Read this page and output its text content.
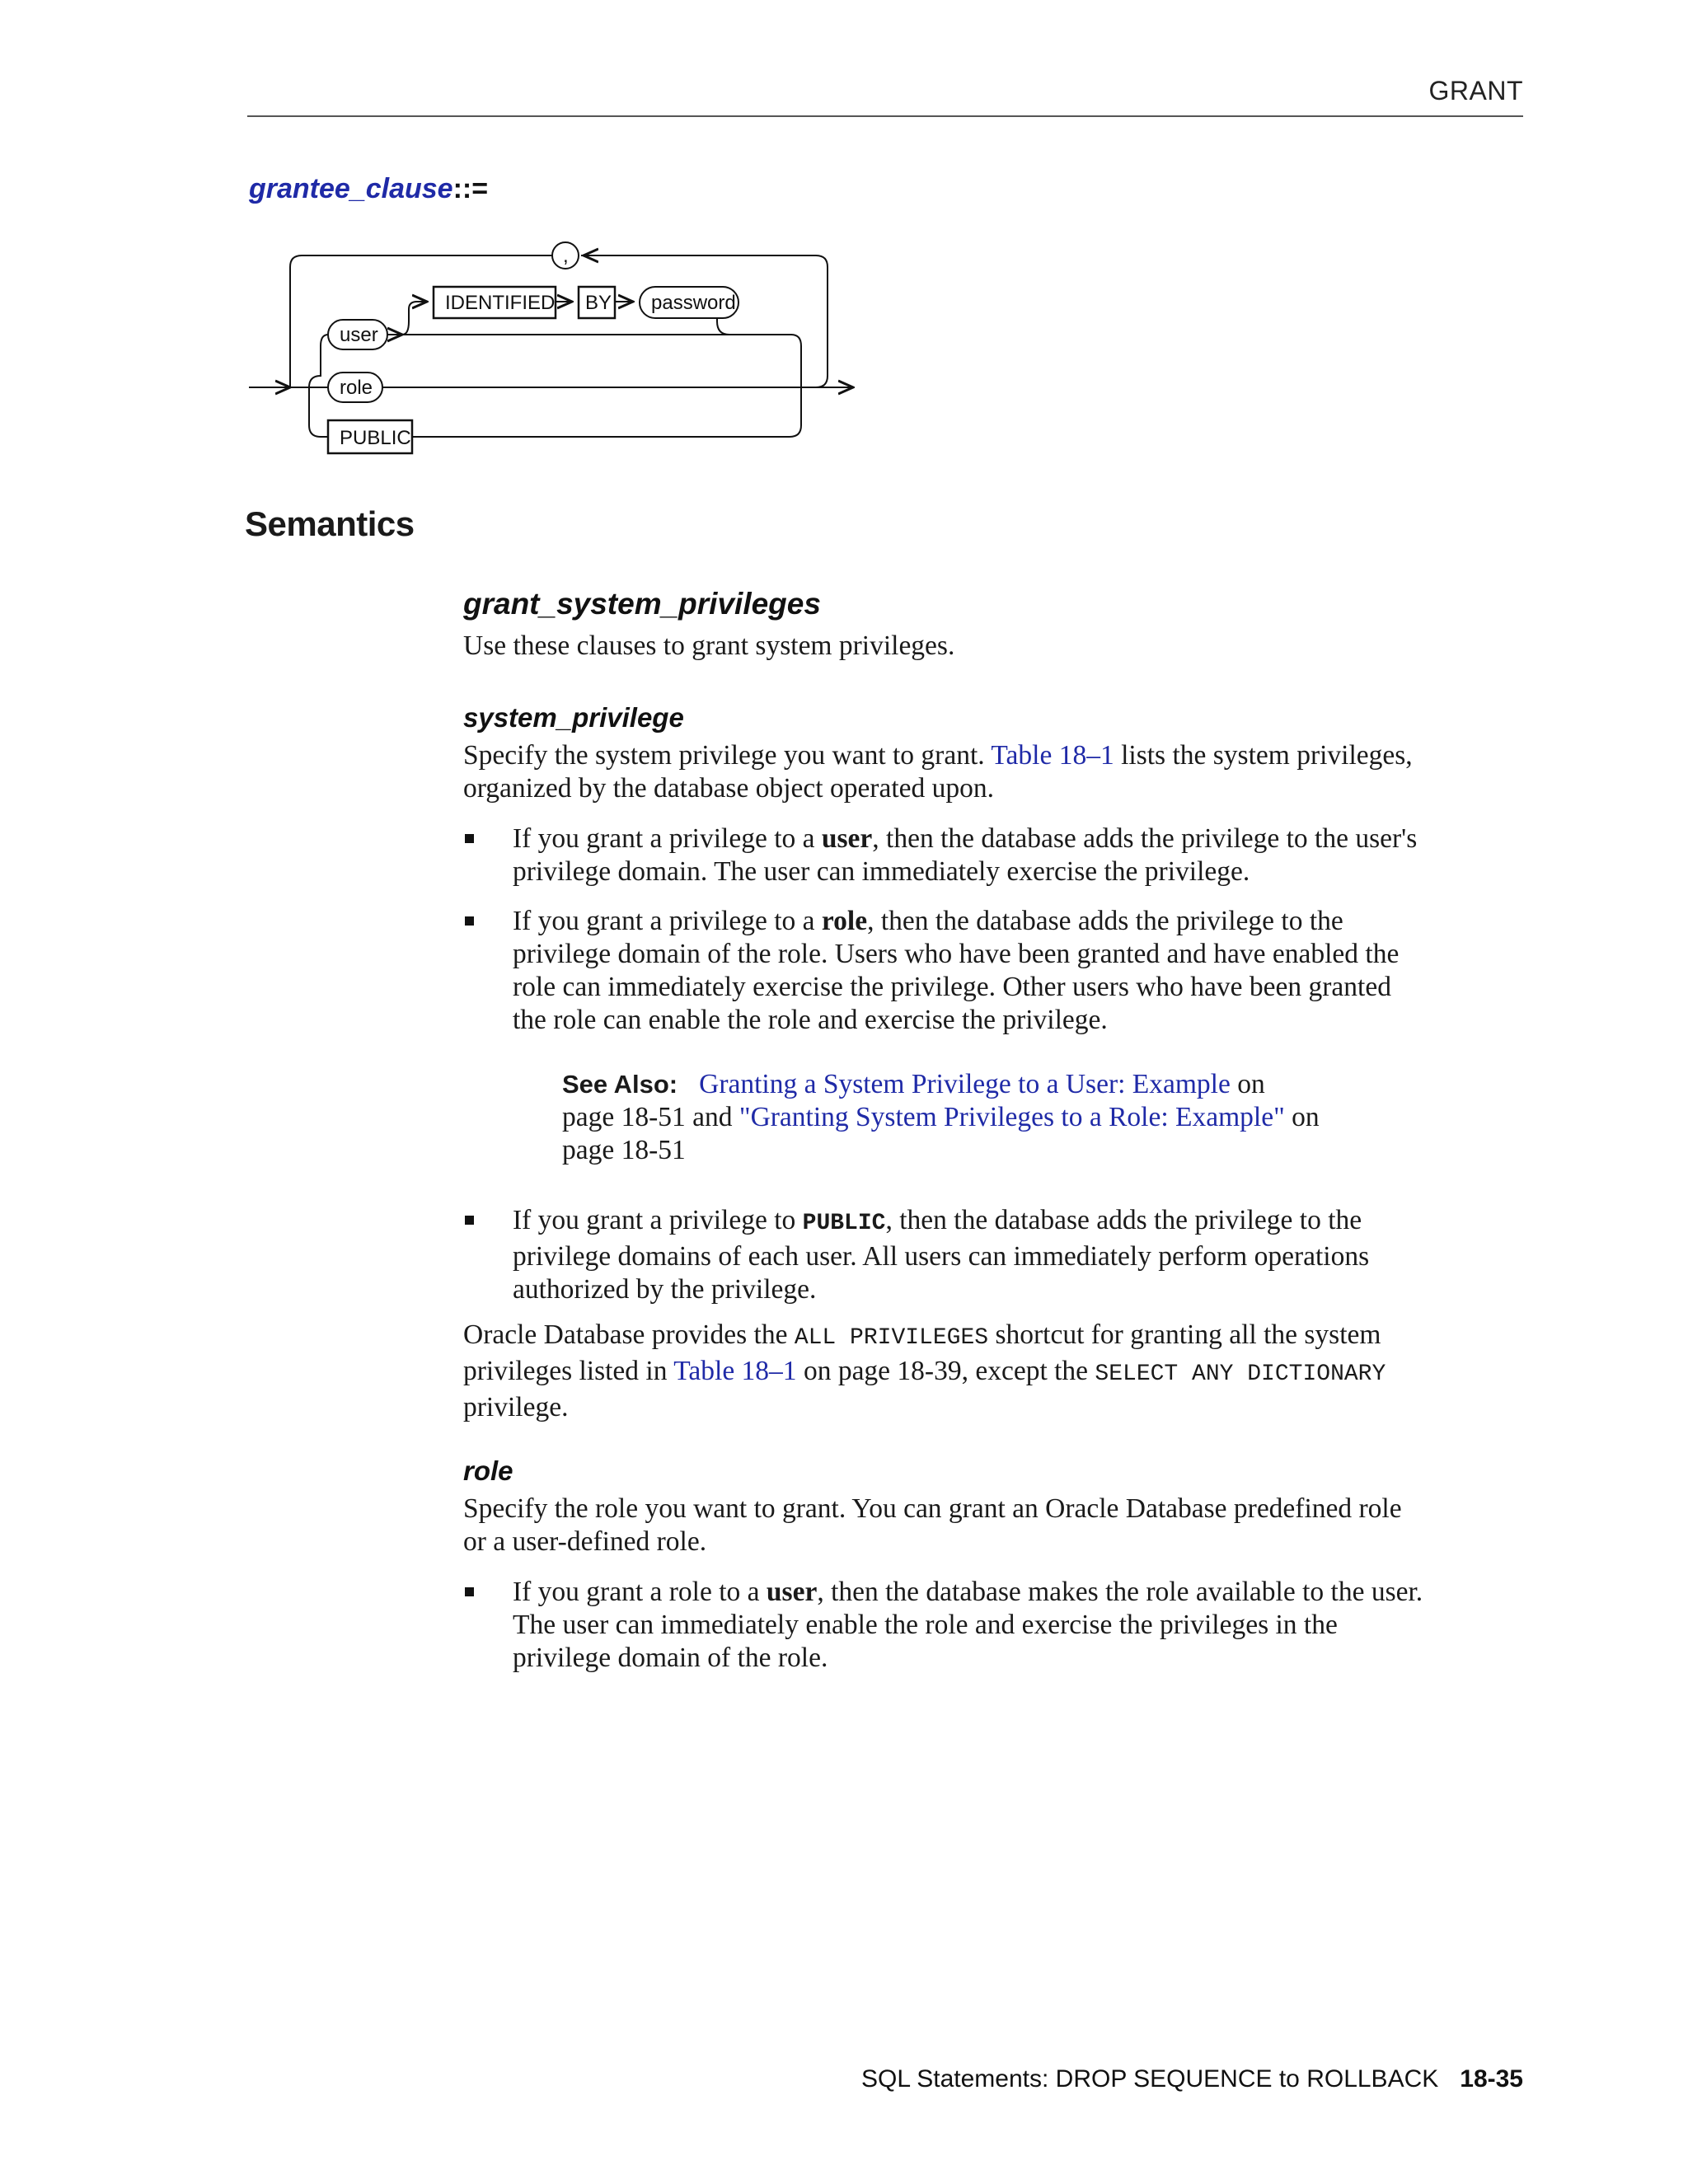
GRANT
grantee_clause::=
,
IDENTIFIED BY password
user
role
PUBLIC
Semantics
grant_system_privileges
Use these clauses to grant system privileges.
system_privilege
Specify the system privilege you want to grant. Table 18–1 lists the system privileges,
organized by the database object operated upon.
If you grant a privilege to a user, then the database adds the privilege to the user's
privilege domain. The user can immediately exercise the privilege.
If you grant a privilege to a role, then the database adds the privilege to the
privilege domain of the role. Users who have been granted and have enabled the
role can immediately exercise the privilege. Other users who have been granted
the role can enable the role and exercise the privilege.
See Also: Granting a System Privilege to a User: Example on
page 18-51 and "Granting System Privileges to a Role: Example" on
page 18-51
If you grant a privilege to PUBLIC, then the database adds the privilege to the
privilege domains of each user. All users can immediately perform operations
authorized by the privilege.
Oracle Database provides the ALL PRIVILEGES shortcut for granting all the system
privileges listed in Table 18–1 on page 18-39, except the SELECT ANY DICTIONARY
privilege.
role
Specify the role you want to grant. You can grant an Oracle Database predefined role
or a user-defined role.
If you grant a role to a user, then the database makes the role available to the user.
The user can immediately enable the role and exercise the privileges in the
privilege domain of the role.
SQL Statements: DROP SEQUENCE to ROLLBACK 18-35
